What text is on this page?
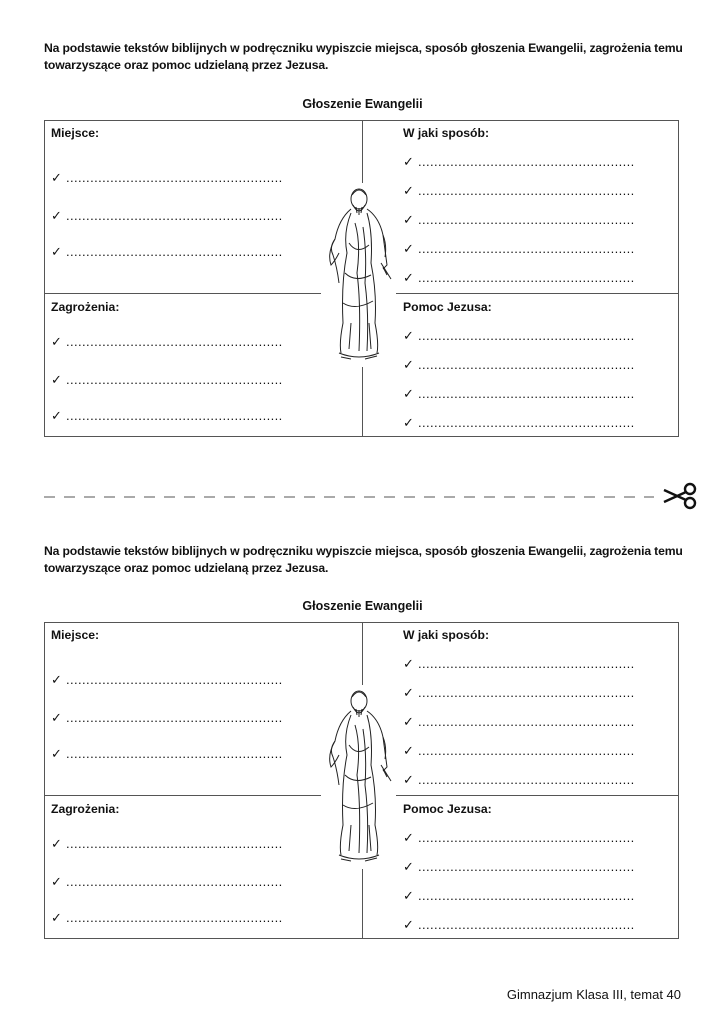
Na podstawie tekstów biblijnych w podręczniku wypiszcie miejsca, sposób głoszenia Ewangelii, zagrożenia temu towarzyszące oraz pomoc udzielaną przez Jezusa.
Głoszenie Ewangelii
Miejsce:
✓ ......................................................
✓ ......................................................
✓ ......................................................
W jaki sposób:
✓ ......................................................
✓ ......................................................
✓ ......................................................
✓ ......................................................
✓ ......................................................
Zagrożenia:
✓ ......................................................
✓ ......................................................
✓ ......................................................
Pomoc Jezusa:
✓ ......................................................
✓ ......................................................
✓ ......................................................
✓ ......................................................
Na podstawie tekstów biblijnych w podręczniku wypiszcie miejsca, sposób głoszenia Ewangelii, zagrożenia temu towarzyszące oraz pomoc udzielaną przez Jezusa.
Głoszenie Ewangelii
Miejsce:
✓ ......................................................
✓ ......................................................
✓ ......................................................
W jaki sposób:
✓ ......................................................
✓ ......................................................
✓ ......................................................
✓ ......................................................
✓ ......................................................
Zagrożenia:
✓ ......................................................
✓ ......................................................
✓ ......................................................
Pomoc Jezusa:
✓ ......................................................
✓ ......................................................
✓ ......................................................
✓ ......................................................
Gimnazjum Klasa III, temat 40
